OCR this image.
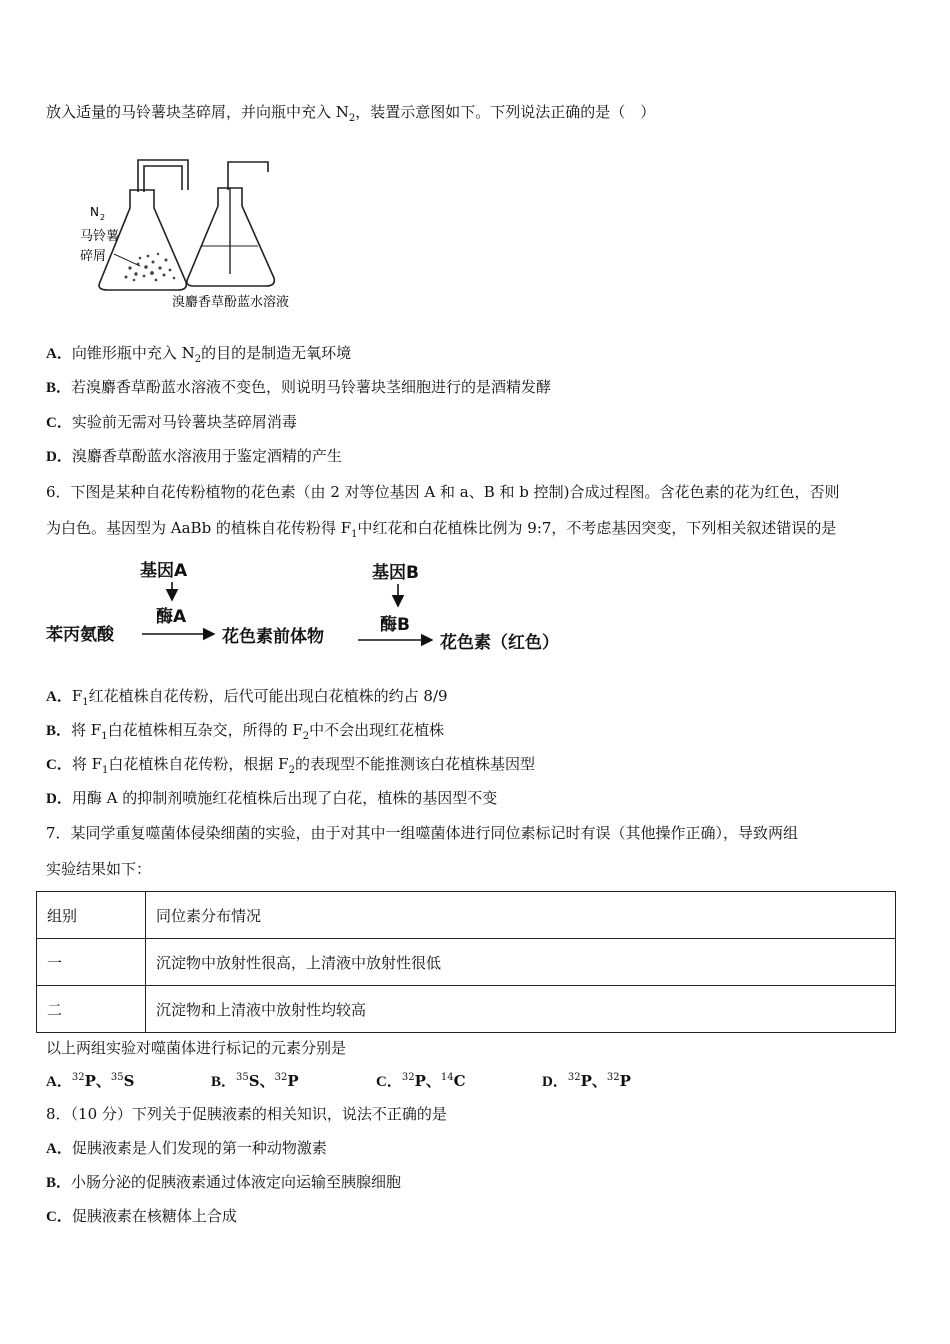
放入适量的马铃薯块茎碎屑，并向瓶中充入 $N_2$，装置示意图如下。下列说法正确的是（　）
N 2
马铃薯
碎屑
溴麝香草酚蓝水溶液
A．向锥形瓶中充入 $N_2$的目的是制造无氧环境
B．若溴麝香草酚蓝水溶液不变色，则说明马铃薯块茎细胞进行的是酒精发酵
C．实验前无需对马铃薯块茎碎屑消毒
D．溴麝香草酚蓝水溶液用于鉴定酒精的产生
6．下图是某种自花传粉植物的花色素（由 2 对等位基因 A 和 a、B 和 b 控制)合成过程图。含花色素的花为红色，否则
为白色。基因型为 AaBb 的植株自花传粉得 $F_1$中红花和白花植株比例为 9:7，不考虑基因突变，下列相关叙述错误的是
基因A
酶A
基因B
酶B
苯丙氨酸	花色素前体物	花色素（红色）
A．$F_1$红花植株自花传粉，后代可能出现白花植株的约占 8/9
B．将 $F_1$白花植株相互杂交，所得的 $F_2$中不会出现红花植株
C．将 $F_1$白花植株自花传粉，根据 $F_2$的表现型不能推测该白花植株基因型
D．用酶 A 的抑制剂喷施红花植株后出现了白花，植株的基因型不变
7．某同学重复噬菌体侵染细菌的实验，由于对其中一组噬菌体进行同位素标记时有误（其他操作正确），导致两组
实验结果如下：
组别	同位素分布情况
一	沉淀物中放射性很高，上清液中放射性很低
二	沉淀物和上清液中放射性均较高
以上两组实验对噬菌体进行标记的元素分别是
A．$^{32}$P、$^{35}$S	B．$^{35}$S、$^{32}$P	C．$^{32}$P、$^{14}$C	D．$^{32}$P、$^{32}$P
8．（10 分）下列关于促胰液素的相关知识，说法不正确的是
A．促胰液素是人们发现的第一种动物激素
B．小肠分泌的促胰液素通过体液定向运输至胰腺细胞
C．促胰液素在核糖体上合成
